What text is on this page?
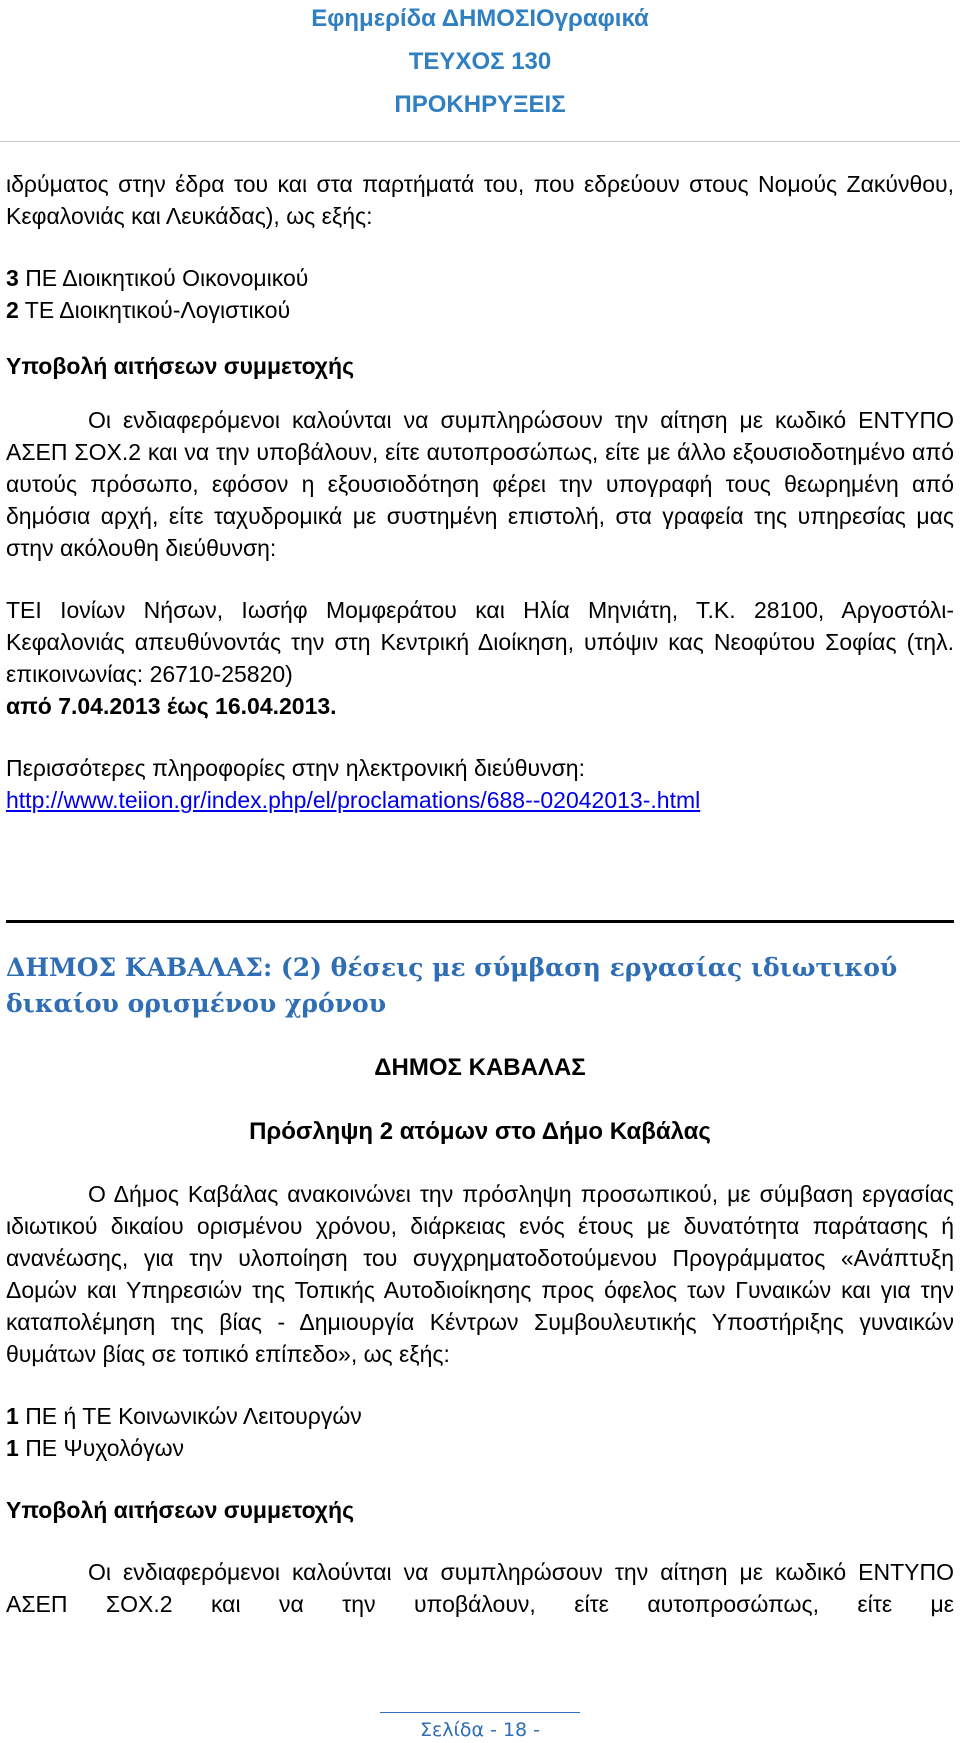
Εφημερίδα ΔΗΜΟΣΙΟγραφικά
ΤΕΥΧΟΣ 130
ΠΡΟΚΗΡΥΞΕΙΣ

ιδρύματος στην έδρα του και στα παρτήματά του, που εδρεύουν στους Νομούς Ζακύνθου, Κεφαλονιάς και Λευκάδας), ως εξής:

3 ΠΕ Διοικητικού Οικονομικού

2 ΤΕ Διοικητικού-Λογιστικού

Υποβολή αιτήσεων συμμετοχής

Οι ενδιαφερόμενοι καλούνται να συμπληρώσουν την αίτηση με κωδικό ΕΝΤΥΠΟ ΑΣΕΠ ΣΟΧ.2 και να την υποβάλουν, είτε αυτοπροσώπως, είτε με άλλο εξουσιοδοτημένο από αυτούς πρόσωπο, εφόσον η εξουσιοδότηση φέρει την υπογραφή τους θεωρημένη από δημόσια αρχή, είτε ταχυδρομικά με συστημένη επιστολή, στα γραφεία της υπηρεσίας μας στην ακόλουθη διεύθυνση:

ΤΕΙ Ιονίων Νήσων, Ιωσήφ Μομφεράτου και Ηλία Μηνιάτη, Τ.Κ. 28100, Αργοστόλι- Κεφαλονιάς απευθύνοντάς την στη Κεντρική Διοίκηση, υπόψιν κας Νεοφύτου Σοφίας (τηλ. επικοινωνίας: 26710-25820)

από 7.04.2013 έως 16.04.2013.

Περισσότερες πληροφορίες στην ηλεκτρονική διεύθυνση:

http://www.teiion.gr/index.php/el/proclamations/688--02042013-.html

ΔΗΜΟΣ ΚΑΒΑΛΑΣ: (2) θέσεις με σύμβαση εργασίας ιδιωτικού δικαίου ορισμένου χρόνου

ΔΗΜΟΣ ΚΑΒΑΛΑΣ

Πρόσληψη 2 ατόμων στο Δήμο Καβάλας

Ο Δήμος Καβάλας ανακοινώνει την πρόσληψη προσωπικού, με σύμβαση εργασίας ιδιωτικού δικαίου ορισμένου χρόνου, διάρκειας ενός έτους με δυνατότητα παράτασης ή ανανέωσης, για την υλοποίηση του συγχρηματοδοτούμενου Προγράμματος «Ανάπτυξη Δομών και Υπηρεσιών της Τοπικής Αυτοδιοίκησης προς όφελος των Γυναικών και για την καταπολέμηση της βίας - Δημιουργία Κέντρων Συμβουλευτικής Υποστήριξης γυναικών θυμάτων βίας σε τοπικό επίπεδο», ως εξής:

1 ΠΕ ή ΤΕ Κοινωνικών Λειτουργών

1 ΠΕ Ψυχολόγων

Υποβολή αιτήσεων συμμετοχής

Οι ενδιαφερόμενοι καλούνται να συμπληρώσουν την αίτηση με κωδικό ΕΝΤΥΠΟ ΑΣΕΠ ΣΟΧ.2 και να την υποβάλουν, είτε αυτοπροσώπως, είτε με

Σελίδα - 18 -
